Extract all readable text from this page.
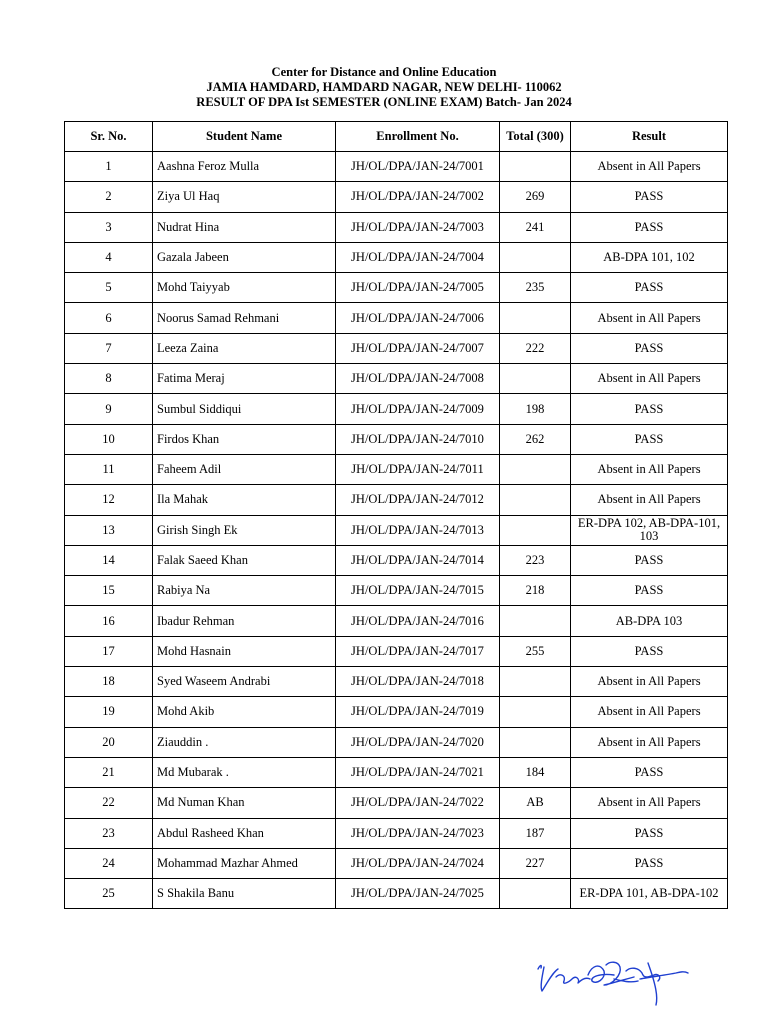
Center for Distance and Online Education
JAMIA HAMDARD, HAMDARD NAGAR, NEW DELHI- 110062
RESULT OF DPA Ist SEMESTER (ONLINE EXAM) Batch- Jan 2024
Sr. No.	Student Name	Enrollment No.	Total (300)	Result
1	Aashna Feroz Mulla	JH/OL/DPA/JAN-24/7001		Absent in All Papers
2	Ziya Ul Haq	JH/OL/DPA/JAN-24/7002	269	PASS
3	Nudrat Hina	JH/OL/DPA/JAN-24/7003	241	PASS
4	Gazala Jabeen	JH/OL/DPA/JAN-24/7004		AB-DPA 101, 102
5	Mohd Taiyyab	JH/OL/DPA/JAN-24/7005	235	PASS
6	Noorus Samad Rehmani	JH/OL/DPA/JAN-24/7006		Absent in All Papers
7	Leeza Zaina	JH/OL/DPA/JAN-24/7007	222	PASS
8	Fatima Meraj	JH/OL/DPA/JAN-24/7008		Absent in All Papers
9	Sumbul Siddiqui	JH/OL/DPA/JAN-24/7009	198	PASS
10	Firdos Khan	JH/OL/DPA/JAN-24/7010	262	PASS
11	Faheem Adil	JH/OL/DPA/JAN-24/7011		Absent in All Papers
12	Ila Mahak	JH/OL/DPA/JAN-24/7012		Absent in All Papers
13	Girish Singh Ek	JH/OL/DPA/JAN-24/7013		ER-DPA 102, AB-DPA-101, 103
14	Falak Saeed Khan	JH/OL/DPA/JAN-24/7014	223	PASS
15	Rabiya Na	JH/OL/DPA/JAN-24/7015	218	PASS
16	Ibadur Rehman	JH/OL/DPA/JAN-24/7016		AB-DPA 103
17	Mohd Hasnain	JH/OL/DPA/JAN-24/7017	255	PASS
18	Syed Waseem Andrabi	JH/OL/DPA/JAN-24/7018		Absent in All Papers
19	Mohd Akib	JH/OL/DPA/JAN-24/7019		Absent in All Papers
20	Ziauddin .	JH/OL/DPA/JAN-24/7020		Absent in All Papers
21	Md Mubarak .	JH/OL/DPA/JAN-24/7021	184	PASS
22	Md Numan Khan	JH/OL/DPA/JAN-24/7022	AB	Absent in All Papers
23	Abdul Rasheed Khan	JH/OL/DPA/JAN-24/7023	187	PASS
24	Mohammad Mazhar Ahmed	JH/OL/DPA/JAN-24/7024	227	PASS
25	S Shakila Banu	JH/OL/DPA/JAN-24/7025		ER-DPA 101, AB-DPA-102
